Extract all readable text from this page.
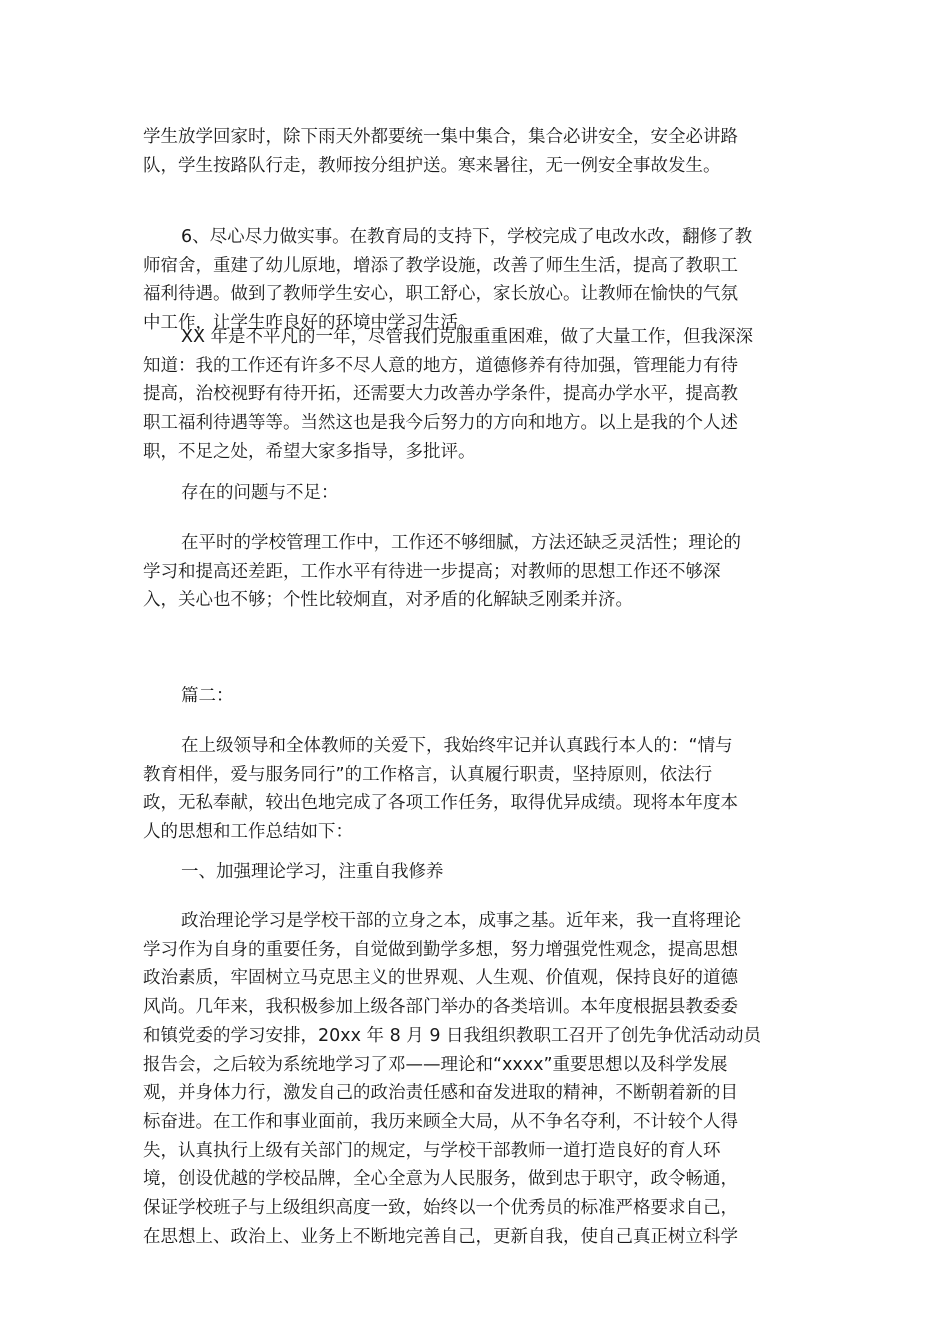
学生放学回家时，除下雨天外都要统一集中集合，集合必讲安全，安全必讲路
队，学生按路队行走，教师按分组护送。寒来暑往，无一例安全事故发生。

6、尽心尽力做实事。在教育局的支持下，学校完成了电改水改，翻修了教
师宿舍，重建了幼儿原地，增添了教学设施，改善了师生生活，提高了教职工
福利待遇。做到了教师学生安心，职工舒心，家长放心。让教师在愉快的气氛
中工作，让学生咋良好的环境中学习生活。

XX 年是不平凡的一年，尽管我们克服重重困难，做了大量工作，但我深深
知道：我的工作还有许多不尽人意的地方，道德修养有待加强，管理能力有待
提高，治校视野有待开拓，还需要大力改善办学条件，提高办学水平，提高教
职工福利待遇等等。当然这也是我今后努力的方向和地方。以上是我的个人述
职，不足之处，希望大家多指导，多批评。

存在的问题与不足：

在平时的学校管理工作中，工作还不够细腻，方法还缺乏灵活性；理论的
学习和提高还差距，工作水平有待进一步提高；对教师的思想工作还不够深
入，关心也不够；个性比较炯直，对矛盾的化解缺乏刚柔并济。

篇二：

在上级领导和全体教师的关爱下，我始终牢记并认真践行本人的：“情与
教育相伴，爱与服务同行”的工作格言，认真履行职责，坚持原则，依法行
政，无私奉献，较出色地完成了各项工作任务，取得优异成绩。现将本年度本
人的思想和工作总结如下：

一、加强理论学习，注重自我修养

政治理论学习是学校干部的立身之本，成事之基。近年来，我一直将理论
学习作为自身的重要任务，自觉做到勤学多想，努力增强党性观念，提高思想
政治素质，牢固树立马克思主义的世界观、人生观、价值观，保持良好的道德
风尚。几年来，我积极参加上级各部门举办的各类培训。本年度根据县教委委
和镇党委的学习安排，20xx 年 8 月 9 日我组织教职工召开了创先争优活动动员
报告会，之后较为系统地学习了邓——理论和“xxxx”重要思想以及科学发展
观，并身体力行，激发自己的政治责任感和奋发进取的精神，不断朝着新的目
标奋进。在工作和事业面前，我历来顾全大局，从不争名夺利，不计较个人得
失，认真执行上级有关部门的规定，与学校干部教师一道打造良好的育人环
境，创设优越的学校品牌，全心全意为人民服务，做到忠于职守，政令畅通，
保证学校班子与上级组织高度一致，始终以一个优秀员的标准严格要求自己，
在思想上、政治上、业务上不断地完善自己，更新自我，使自己真正树立科学
